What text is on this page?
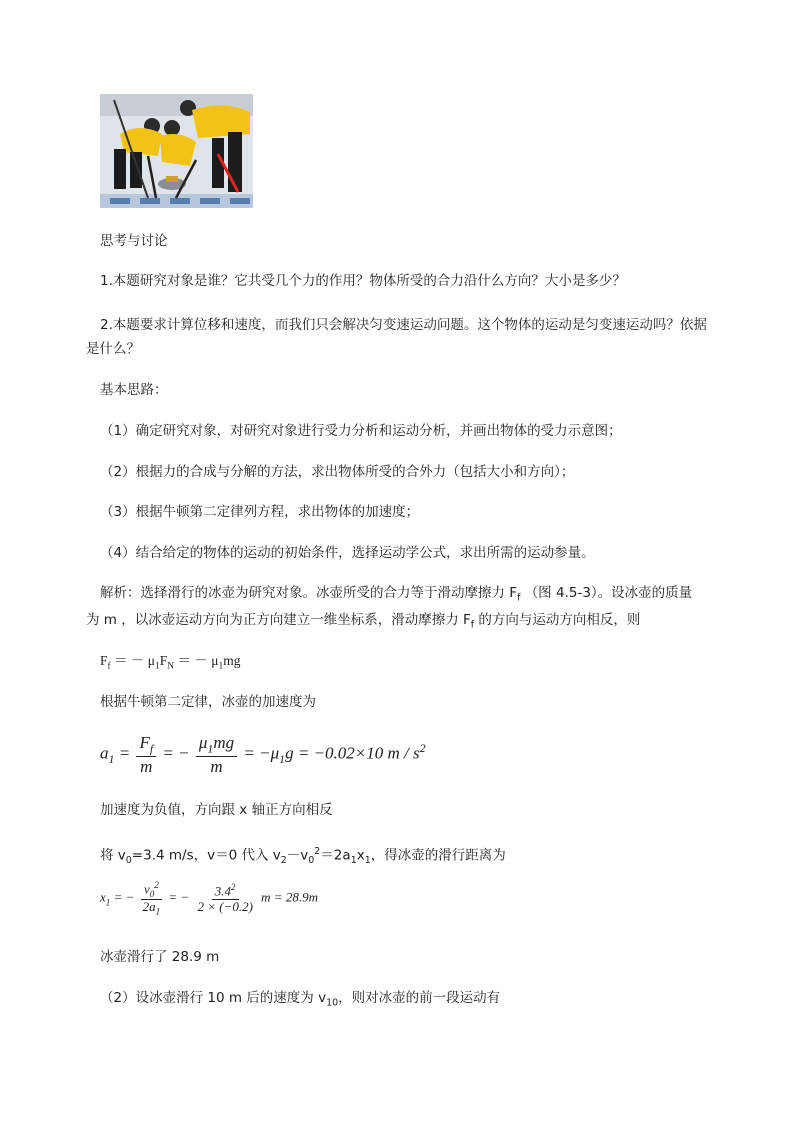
思考与讨论
1.本题研究对象是谁？它共受几个力的作用？物体所受的合力沿什么方向？大小是多少？
2.本题要求计算位移和速度，而我们只会解决匀变速运动问题。这个物体的运动是匀变速运动吗？依据
是什么？
基本思路：
（1）确定研究对象，对研究对象进行受力分析和运动分析，并画出物体的受力示意图；
（2）根据力的合成与分解的方法，求出物体所受的合外力（包括大小和方向）；
（3）根据牛顿第二定律列方程，求出物体的加速度；
（4）结合给定的物体的运动的初始条件，选择运动学公式，求出所需的运动参量。
解析：选择滑行的冰壶为研究对象。冰壶所受的合力等于滑动摩擦力 $F_f$ （图 4.5-3）。设冰壶的质量
为 m ，以冰壶运动方向为正方向建立一维坐标系，滑动摩擦力 $F_f$ 的方向与运动方向相反，则
$F_f$ ＝ － $\mu_1F_N$ ＝ － $\mu_1mg$
根据牛顿第二定律，冰壶的加速度为
$a_1 = \frac{F_f}{m}$ = − $\frac{\mu_1mg}{m} = -\mu_1g = -0.02\times 10$ m / $s^2$
加速度为负值，方向跟 x 轴正方向相反
将 $v_0=3.4$ m/s，v＝0 代入 $v_2-v_0^2=2a_1x_1$，得冰壶的滑行距离为
$x_1$ = − $\frac{v_0^2}{2a_1}$ = − $\frac{3.4^2}{2 \times (-0.2)}$ m = 28.9m
冰壶滑行了 28.9 m
（2）设冰壶滑行 10 m 后的速度为 $v_{10}$，则对冰壶的前一段运动有
